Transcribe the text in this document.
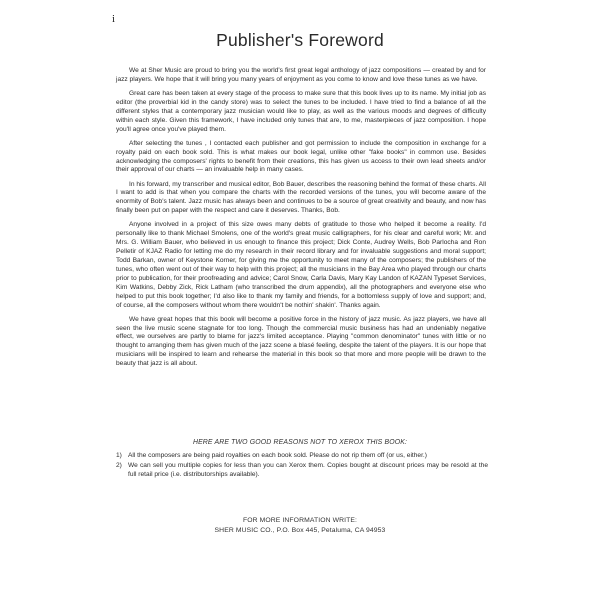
i
Publisher's Foreword

We at Sher Music are proud to bring you the world's first great legal anthology of jazz compositions — created by and for jazz players. We hope that it will bring you many years of enjoyment as you come to know and love these tunes as we have.

Great care has been taken at every stage of the process to make sure that this book lives up to its name. My initial job as editor (the proverbial kid in the candy store) was to select the tunes to be included. I have tried to find a balance of all the different styles that a contemporary jazz musician would like to play, as well as the various moods and degrees of difficulty within each style. Given this framework, I have included only tunes that are, to me, masterpieces of jazz composition. I hope you'll agree once you've played them.

After selecting the tunes , I contacted each publisher and got permission to include the composition in exchange for a royalty paid on each book sold. This is what makes our book legal, unlike other "fake books" in common use. Besides acknowledging the composers' rights to benefit from their creations, this has given us access to their own lead sheets and/or their approval of our charts — an invaluable help in many cases.

In his forward, my transcriber and musical editor, Bob Bauer, describes the reasoning behind the format of these charts. All I want to add is that when you compare the charts with the recorded versions of the tunes, you will become aware of the enormity of Bob's talent. Jazz music has always been and continues to be a source of great creativity and beauty, and now has finally been put on paper with the respect and care it deserves. Thanks, Bob.

Anyone involved in a project of this size owes many debts of gratitude to those who helped it become a reality. I'd personally like to thank Michael Smolens, one of the world's great music calligraphers, for his clear and careful work; Mr. and Mrs. G. William Bauer, who believed in us enough to finance this project; Dick Conte, Audrey Wells, Bob Parlocha and Ron Pelletir of KJAZ Radio for letting me do my research in their record library and for invaluable suggestions and moral support; Todd Barkan, owner of Keystone Korner, for giving me the opportunity to meet many of the composers; the publishers of the tunes, who often went out of their way to help with this project; all the musicians in the Bay Area who played through our charts prior to publication, for their proofreading and advice; Carol Snow, Carla Davis, Mary Kay Landon of KAZAN Typeset Services, Kim Watkins, Debby Zick, Rick Latham (who transcribed the drum appendix), all the photographers and everyone else who helped to put this book together; I'd also like to thank my family and friends, for a bottomless supply of love and support; and, of course, all the composers without whom there wouldn't be nothin' shakin'. Thanks again.

We have great hopes that this book will become a positive force in the history of jazz music. As jazz players, we have all seen the live music scene stagnate for too long. Though the commercial music business has had an undeniably negative effect, we ourselves are partly to blame for jazz's limited acceptance. Playing "common denominator" tunes with little or no thought to arranging them has given much of the jazz scene a blasé feeling, despite the talent of the players. It is our hope that musicians will be inspired to learn and rehearse the material in this book so that more and more people will be drawn to the beauty that jazz is all about.

HERE ARE TWO GOOD REASONS NOT TO XEROX THIS BOOK:
1) All the composers are being paid royalties on each book sold. Please do not rip them off (or us, either.)
2) We can sell you multiple copies for less than you can Xerox them. Copies bought at discount prices may be resold at the full retail price (i.e. distributorships available).
FOR MORE INFORMATION WRITE:
SHER MUSIC CO., P.O. Box 445, Petaluma, CA 94953
